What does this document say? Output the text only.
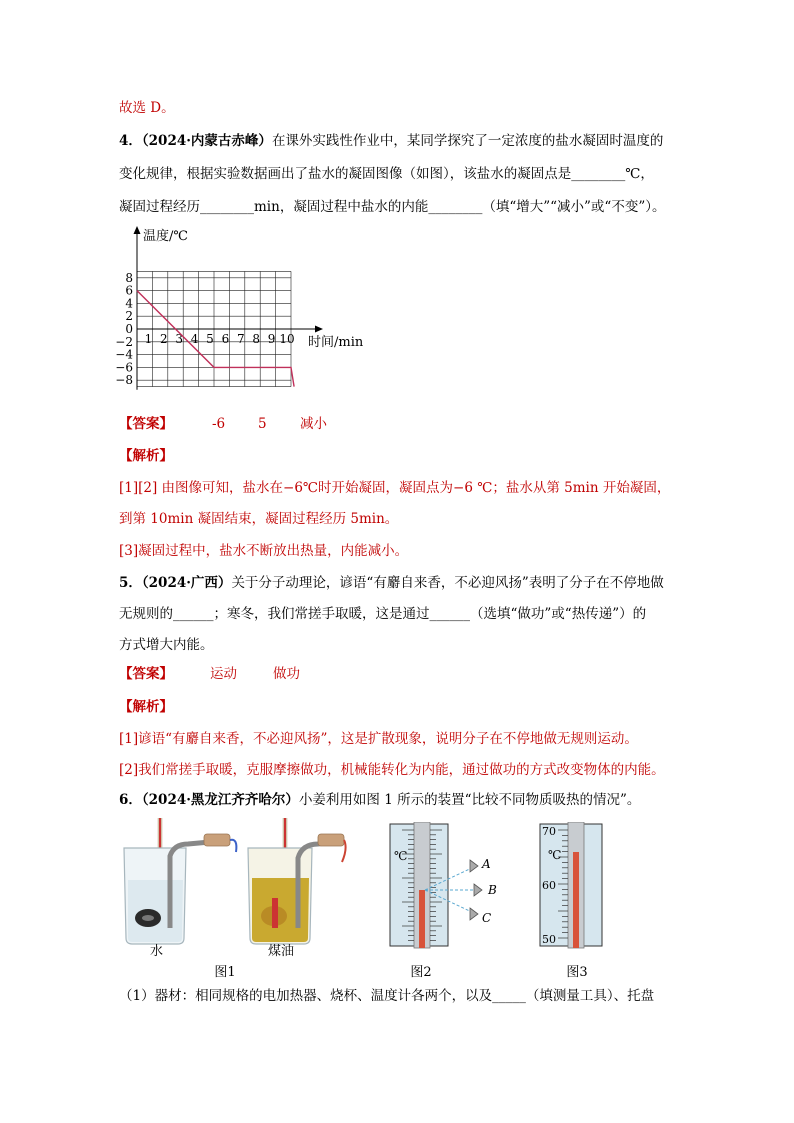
故选 D。
4．（2024·内蒙古赤峰）在课外实践性作业中，某同学探究了一定浓度的盐水凝固时温度的
变化规律，根据实验数据画出了盐水的凝固图像（如图），该盐水的凝固点是________℃，
凝固过程经历________min，凝固过程中盐水的内能________（填“增大”“减小”或“不变”）。
8
6
4
2
0
−2
−4
−6
−8
1 2 3 4 5 6 7 8 9 10
温度/℃
时间/min
【答案】	-6 5 减小
【解析】
[1][2] 由图像可知，盐水在−6℃时开始凝固，凝固点为−6 ℃；盐水从第 5min 开始凝固，
到第 10min 凝固结束，凝固过程经历 5min。
[3]凝固过程中，盐水不断放出热量，内能减小。
5．（2024·广西）关于分子动理论，谚语“有麝自来香，不必迎风扬”表明了分子在不停地做
无规则的______；寒冬，我们常搓手取暖，这是通过______（选填“做功”或“热传递”）的
方式增大内能。
【答案】	运动	做功
【解析】
[1]谚语“有麝自来香，不必迎风扬”，这是扩散现象，说明分子在不停地做无规则运动。
[2]我们常搓手取暖，克服摩擦做功，机械能转化为内能，通过做功的方式改变物体的内能。
6．（2024·黑龙江齐齐哈尔）小姜利用如图 1 所示的装置“比较不同物质吸热的情况”。
水	煤油
℃
A
B
C
70
℃
60
50
图1	图2	图3
（1）器材：相同规格的电加热器、烧杯、温度计各两个，以及_____（填测量工具）、托盘
